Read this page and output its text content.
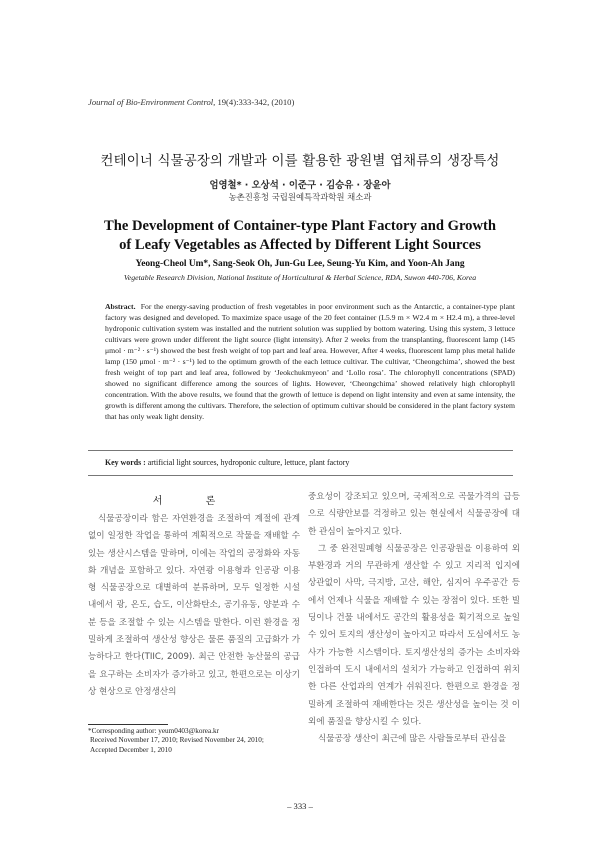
Journal of Bio-Environment Control, 19(4):333-342, (2010)
컨테이너 식물공장의 개발과 이를 활용한 광원별 엽채류의 생장특성
엄영철* · 오상석 · 이준구 · 김승유 · 장윤아
농촌진흥청 국립원예특작과학원 채소과
The Development of Container-type Plant Factory and Growth
of Leafy Vegetables as Affected by Different Light Sources
Yeong-Cheol Um*, Sang-Seok Oh, Jun-Gu Lee, Seung-Yu Kim, and Yoon-Ah Jang
Vegetable Research Division, National Institute of Horticultural & Herbal Science, RDA, Suwon 440-706, Korea
Abstract. For the energy-saving production of fresh vegetables in poor environment such as the Antarctic, a container-type plant factory was designed and developed. To maximize space usage of the 20 feet container (L5.9 m × W2.4 m × H2.4 m), a three-level hydroponic cultivation system was installed and the nutrient solution was supplied by bottom watering. Using this system, 3 lettuce cultivars were grown under different the light source (light intensity). After 2 weeks from the transplanting, fluorescent lamp (145 μmol · m⁻² · s⁻¹) showed the best fresh weight of top part and leaf area. However, After 4 weeks, fluorescent lamp plus metal halide lamp (150 μmol · m⁻² · s⁻¹) led to the optimum growth of the each lettuce cultivar. The cultivar, ‘Cheongchima’, showed the best fresh weight of top part and leaf area, followed by ‘Jeokchukmyeon’ and ‘Lollo rosa’. The chlorophyll concentrations (SPAD) showed no significant difference among the sources of lights. However, ‘Cheongchima’ showed relatively high chlorophyll concentration. With the above results, we found that the growth of lettuce is depend on light intensity and even at same intensity, the growth is different among the cultivars. Therefore, the selection of optimum cultivar should be considered in the plant factory system that has only weak light density.
Key words : artificial light sources, hydroponic culture, lettuce, plant factory
서 론

식물공장이라 함은 자연환경을 조절하여 계절에 관계없이 일정한 작업을 통하여 계획적으로 작물을 재배할 수 있는 생산시스템을 말하며, 이에는 작업의 공정화와 자동화 개념을 포함하고 있다. 자연광 이용형과 인공광 이용형 식물공장으로 대별하여 분류하며, 모두 일정한 시설 내에서 광, 온도, 습도, 이산화탄소, 공기유동, 양분과 수분 등을 조절할 수 있는 시스템을 말한다. 이런 환경을 정밀하게 조절하여 생산성 향상은 물론 품질의 고급화가 가능하다고 한다(TIIC, 2009). 최근 안전한 농산물의 공급을 요구하는 소비자가 증가하고 있고, 한편으로는 이상기상 현상으로 안정생산의

중요성이 강조되고 있으며, 국제적으로 곡물가격의 급등으로 식량안보를 걱정하고 있는 현실에서 식물공장에 대한 관심이 높아지고 있다.

그 중 완전밀폐형 식물공장은 인공광원을 이용하여 외부환경과 거의 무관하게 생산할 수 있고 지리적 입지에 상관없이 사막, 극지방, 고산, 해안, 심지어 우주공간 등에서 언제나 식물을 재배할 수 있는 장점이 있다. 또한 빌딩이나 건물 내에서도 공간의 활용성을 획기적으로 높일 수 있어 토지의 생산성이 높아지고 따라서 도심에서도 농사가 가능한 시스템이다. 토지생산성의 증가는 소비자와 인접하여 도시 내에서의 설치가 가능하고 인접하여 위치한 다른 산업과의 연계가 쉬워진다. 한편으로 환경을 정밀하게 조절하여 재배한다는 것은 생산성을 높이는 것 이외에 품질을 향상시킬 수 있다.

식물공장 생산이 최근에 많은 사람들로부터 관심을

*Corresponding author: yeum0403@korea.kr
Received November 17, 2010; Revised November 24, 2010;
Accepted December 1, 2010
– 333 –
